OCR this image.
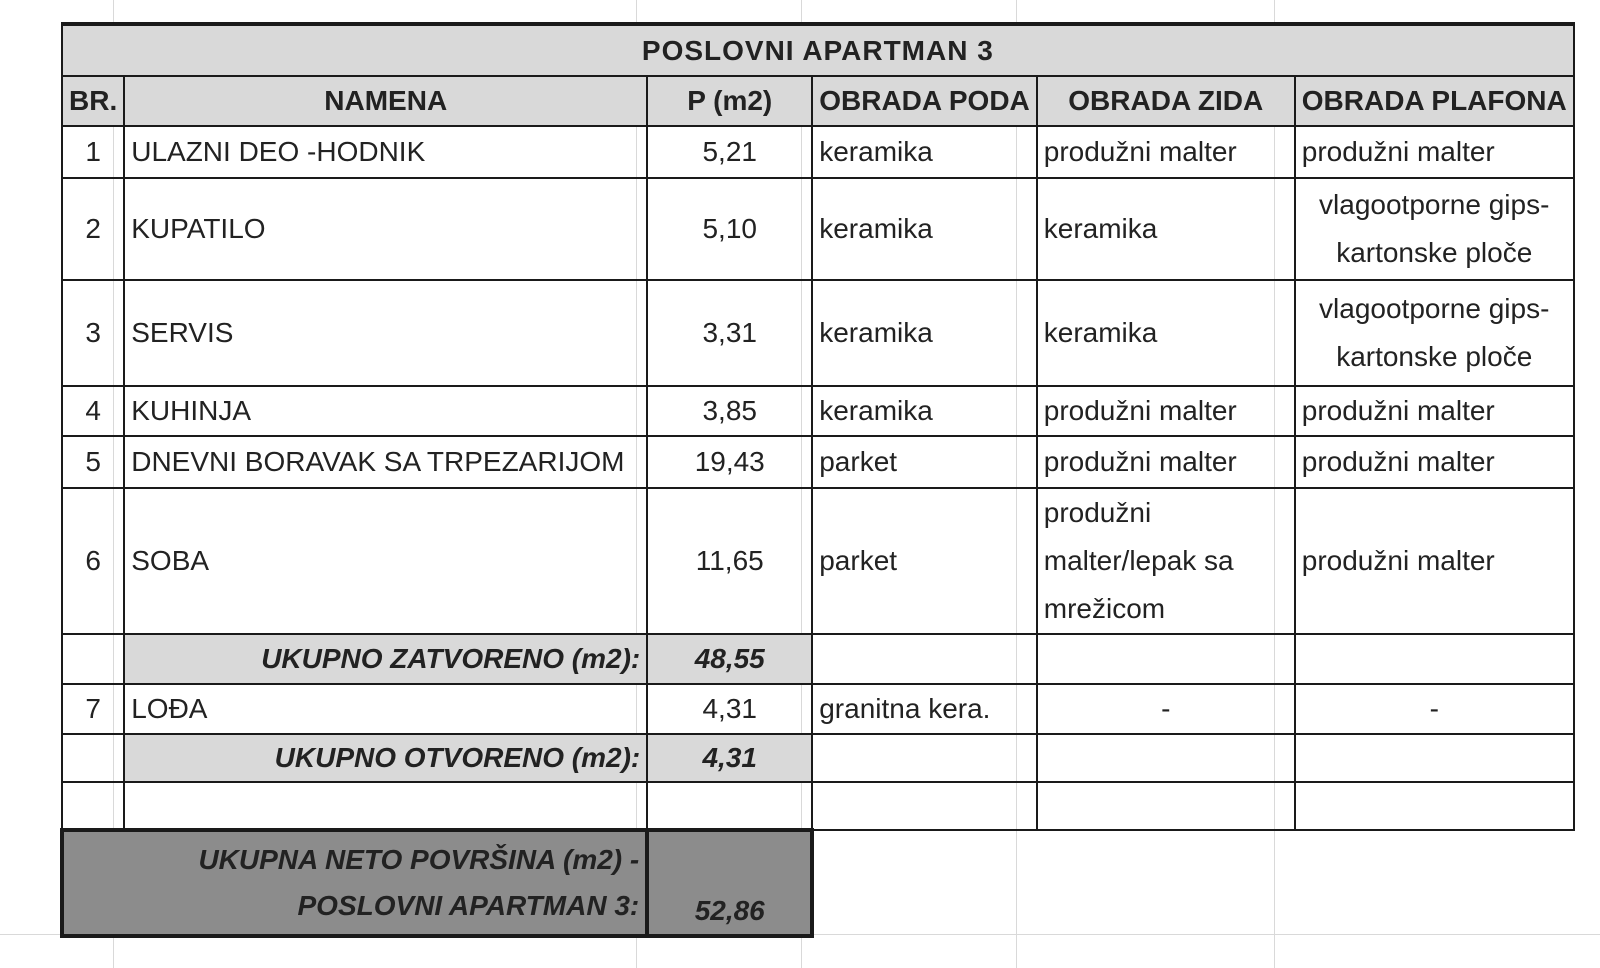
POSLOVNI APARTMAN 3					
BR.	NAMENA	P (m2)	OBRADA PODA	OBRADA ZIDA	OBRADA PLAFONA
1	ULAZNI DEO -HODNIK	5,21	keramika	produžni malter	produžni malter
2	KUPATILO	5,10	keramika	keramika	vlagootporne gips-kartonske ploče
3	SERVIS	3,31	keramika	keramika	vlagootporne gips-kartonske ploče
4	KUHINJA	3,85	keramika	produžni malter	produžni malter
5	DNEVNI BORAVAK SA TRPEZARIJOM	19,43	parket	produžni malter	produžni malter
6	SOBA	11,65	parket	produžni malter/lepak sa mrežicom	produžni malter
	UKUPNO ZATVORENO (m2):	48,55			
7	LOĐA	4,31	granitna kera.	-	-
	UKUPNO OTVORENO (m2):	4,31			

UKUPNA NETO POVRŠINA (m2) -
POSLOVNI APARTMAN 3:		52,86			
